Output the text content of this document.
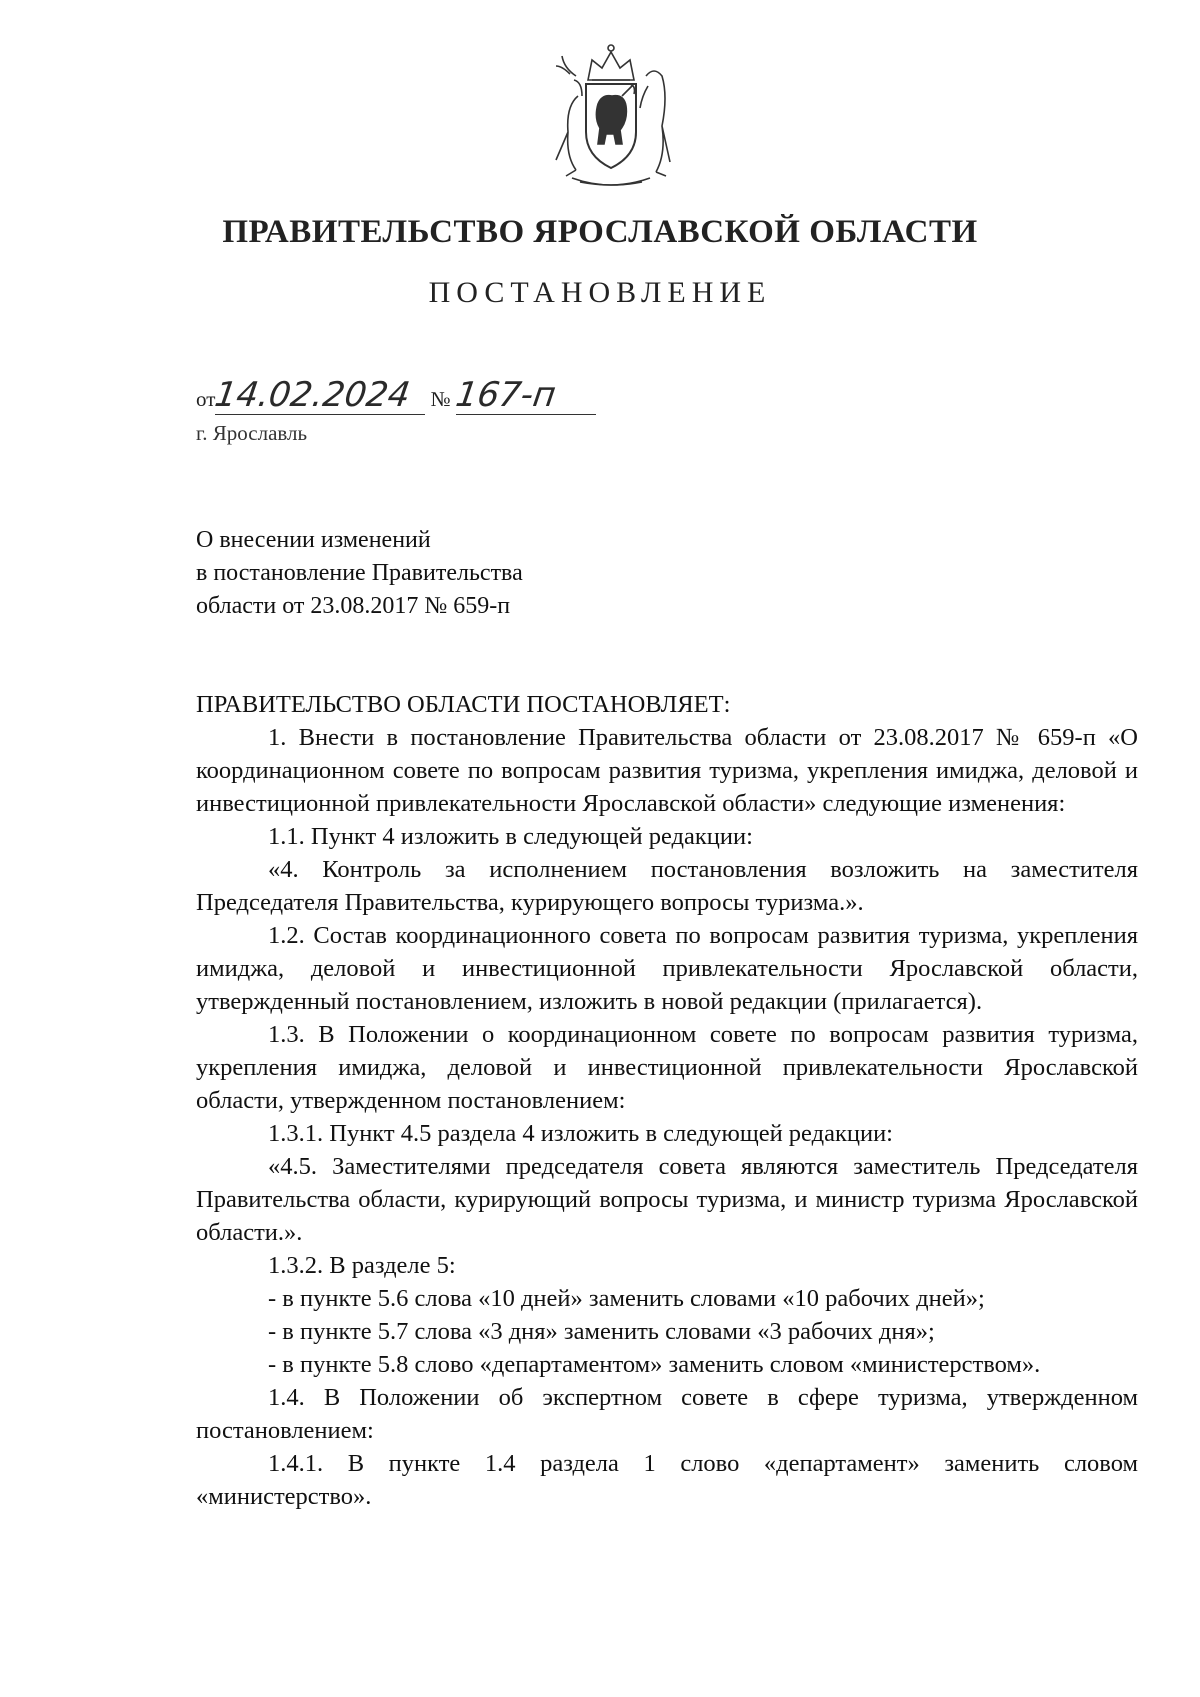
ПРАВИТЕЛЬСТВО ЯРОСЛАВСКОЙ ОБЛАСТИ
ПОСТАНОВЛЕНИЕ
от14.02.2024 № 167-п
г. Ярославль
О внесении изменений
в постановление Правительства
области от 23.08.2017 № 659-п

ПРАВИТЕЛЬСТВО ОБЛАСТИ ПОСТАНОВЛЯЕТ:

1. Внести в постановление Правительства области от 23.08.2017 № 659-п «О координационном совете по вопросам развития туризма, укрепления имиджа, деловой и инвестиционной привлекательности Ярославской области» следующие изменения:

1.1. Пункт 4 изложить в следующей редакции:

«4. Контроль за исполнением постановления возложить на заместителя Председателя Правительства, курирующего вопросы туризма.».

1.2. Состав координационного совета по вопросам развития туризма, укрепления имиджа, деловой и инвестиционной привлекательности Ярославской области, утвержденный постановлением, изложить в новой редакции (прилагается).

1.3. В Положении о координационном совете по вопросам развития туризма, укрепления имиджа, деловой и инвестиционной привлекательности Ярославской области, утвержденном постановлением:

1.3.1. Пункт 4.5 раздела 4 изложить в следующей редакции:

«4.5. Заместителями председателя совета являются заместитель Председателя Правительства области, курирующий вопросы туризма, и министр туризма Ярославской области.».

1.3.2. В разделе 5:

- в пункте 5.6 слова «10 дней» заменить словами «10 рабочих дней»;

- в пункте 5.7 слова «3 дня» заменить словами «3 рабочих дня»;

- в пункте 5.8 слово «департаментом» заменить словом «министерством».

1.4. В Положении об экспертном совете в сфере туризма, утвержденном постановлением:

1.4.1. В пункте 1.4 раздела 1 слово «департамент» заменить словом «министерство».
